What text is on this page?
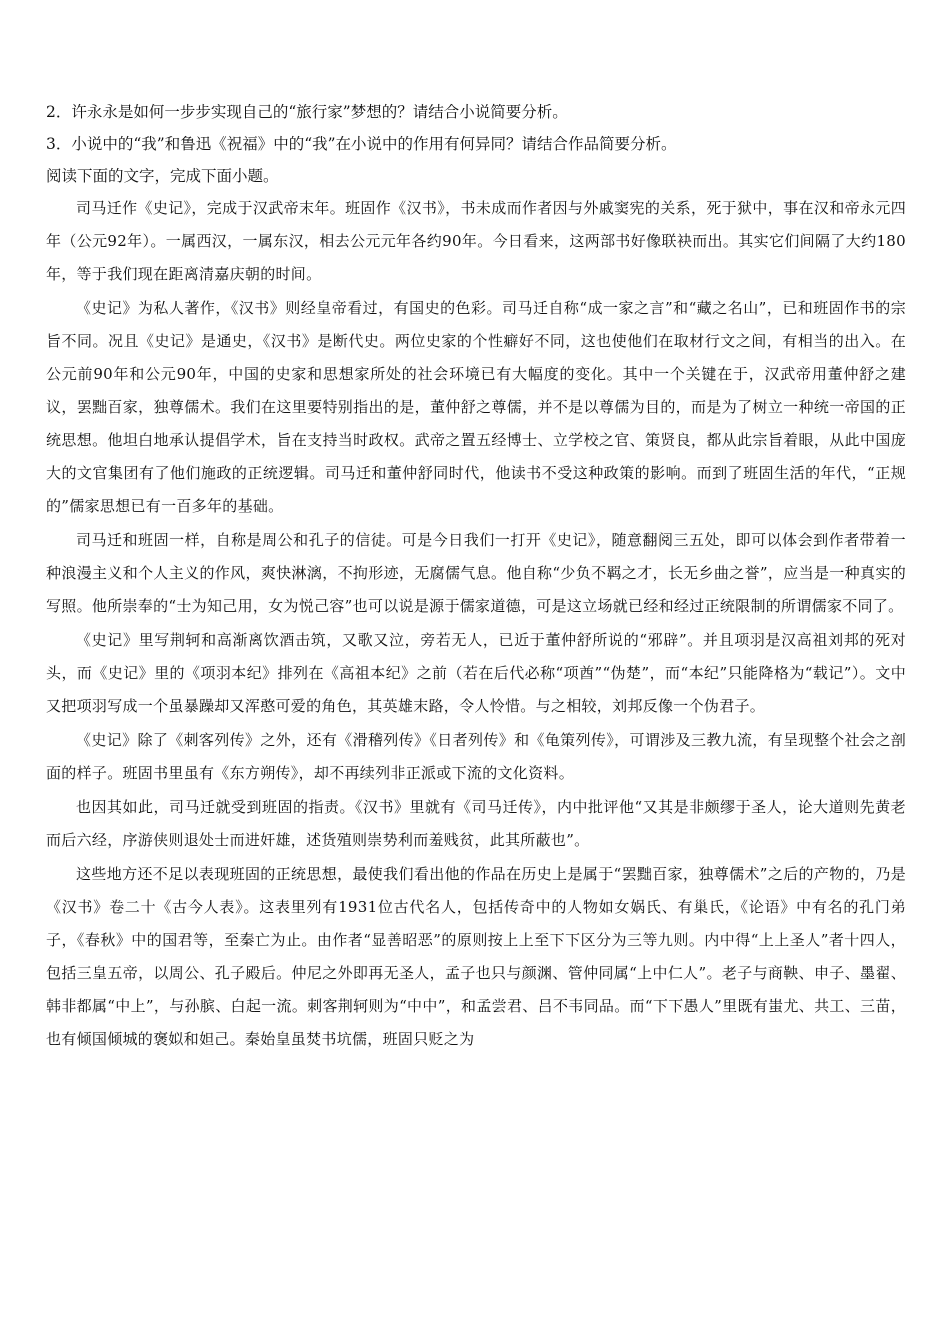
2．许永永是如何一步步实现自己的“旅行家”梦想的？请结合小说简要分析。

3．小说中的“我”和鲁迅《祝福》中的“我”在小说中的作用有何异同？请结合作品简要分析。

阅读下面的文字，完成下面小题。

司马迁作《史记》，完成于汉武帝末年。班固作《汉书》，书未成而作者因与外戚窦宪的关系，死于狱中，事在汉和帝永元四年（公元92年）。一属西汉，一属东汉，相去公元元年各约90年。今日看来，这两部书好像联袂而出。其实它们间隔了大约180年，等于我们现在距离清嘉庆朝的时间。

《史记》为私人著作，《汉书》则经皇帝看过，有国史的色彩。司马迁自称“成一家之言”和“藏之名山”，已和班固作书的宗旨不同。况且《史记》是通史，《汉书》是断代史。两位史家的个性癖好不同，这也使他们在取材行文之间，有相当的出入。在公元前90年和公元90年，中国的史家和思想家所处的社会环境已有大幅度的变化。其中一个关键在于，汉武帝用董仲舒之建议，罢黜百家，独尊儒术。我们在这里要特别指出的是，董仲舒之尊儒，并不是以尊儒为目的，而是为了树立一种统一帝国的正统思想。他坦白地承认提倡学术，旨在支持当时政权。武帝之置五经博士、立学校之官、策贤良，都从此宗旨着眼，从此中国庞大的文官集团有了他们施政的正统逻辑。司马迁和董仲舒同时代，他读书不受这种政策的影响。而到了班固生活的年代，“正规的”儒家思想已有一百多年的基础。

司马迁和班固一样，自称是周公和孔子的信徒。可是今日我们一打开《史记》，随意翻阅三五处，即可以体会到作者带着一种浪漫主义和个人主义的作风，爽快淋漓，不拘形迹，无腐儒气息。他自称“少负不羁之才，长无乡曲之誉”，应当是一种真实的写照。他所崇奉的“士为知己用，女为悦己容”也可以说是源于儒家道德，可是这立场就已经和经过正统限制的所谓儒家不同了。

《史记》里写荆轲和高渐离饮酒击筑，又歌又泣，旁若无人，已近于董仲舒所说的“邪辟”。并且项羽是汉高祖刘邦的死对头，而《史记》里的《项羽本纪》排列在《高祖本纪》之前（若在后代必称“项酋”“伪楚”，而“本纪”只能降格为“载记”）。文中又把项羽写成一个虽暴躁却又浑憨可爱的角色，其英雄末路，令人怜惜。与之相较，刘邦反像一个伪君子。

《史记》除了《刺客列传》之外，还有《滑稽列传》《日者列传》和《龟策列传》，可谓涉及三教九流，有呈现整个社会之剖面的样子。班固书里虽有《东方朔传》，却不再续列非正派或下流的文化资料。

也因其如此，司马迁就受到班固的指责。《汉书》里就有《司马迁传》，内中批评他“又其是非颇缪于圣人，论大道则先黄老而后六经，序游侠则退处士而进奸雄，述货殖则崇势利而羞贱贫，此其所蔽也”。

这些地方还不足以表现班固的正统思想，最使我们看出他的作品在历史上是属于“罢黜百家，独尊儒术”之后的产物的，乃是《汉书》卷二十《古今人表》。这表里列有1931位古代名人，包括传奇中的人物如女娲氏、有巢氏，《论语》中有名的孔门弟子，《春秋》中的国君等，至秦亡为止。由作者“显善昭恶”的原则按上上至下下区分为三等九则。内中得“上上圣人”者十四人，包括三皇五帝，以周公、孔子殿后。仲尼之外即再无圣人，孟子也只与颜渊、管仲同属“上中仁人”。老子与商鞅、申子、墨翟、韩非都属“中上”，与孙膑、白起一流。刺客荆轲则为“中中”，和孟尝君、吕不韦同品。而“下下愚人”里既有蚩尤、共工、三苗，也有倾国倾城的褒姒和妲己。秦始皇虽焚书坑儒，班固只贬之为
